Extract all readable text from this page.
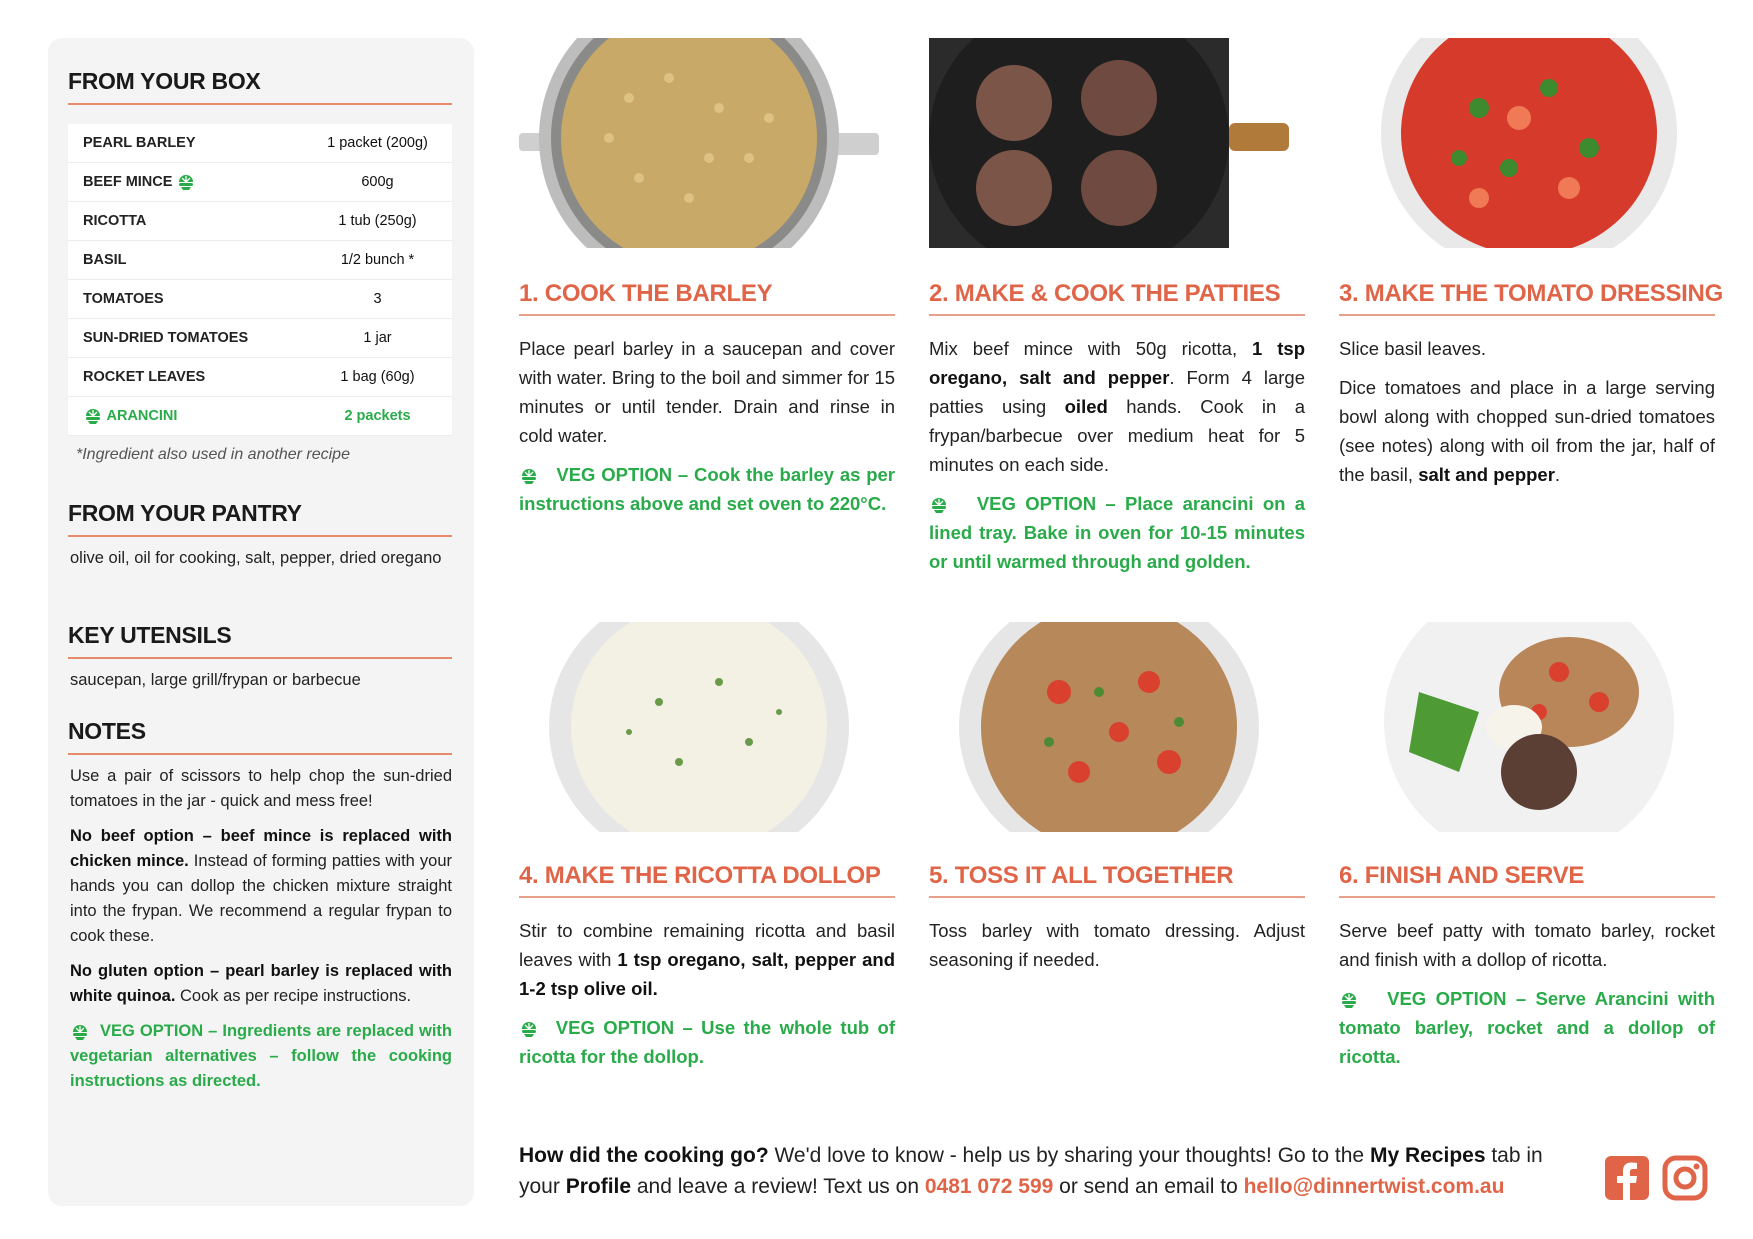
FROM YOUR BOX
PEARL BARLEY	1 packet (200g)
BEEF MINCE	600g
RICOTTA	1 tub (250g)
BASIL	1/2 bunch *
TOMATOES	3
SUN-DRIED TOMATOES	1 jar
ROCKET LEAVES	1 bag (60g)

ARANCINI	2 packets
*Ingredient also used in another recipe
FROM YOUR PANTRY
olive oil, oil for cooking, salt, pepper, dried oregano
KEY UTENSILS
saucepan, large grill/frypan or barbecue
NOTES

Use a pair of scissors to help chop the sun-dried tomatoes in the jar - quick and mess free!

No beef option – beef mince is replaced with chicken mince. Instead of forming patties with your hands you can dollop the chicken mixture straight into the frypan. We recommend a regular frypan to cook these.

No gluten option – pearl barley is replaced with white quinoa. Cook as per recipe instructions.

VEG OPTION – Ingredients are replaced with vegetarian alternatives – follow the cooking instructions as directed.

1. COOK THE BARLEY

Place pearl barley in a saucepan and cover with water. Bring to the boil and simmer for 15 minutes or until tender. Drain and rinse in cold water.

VEG OPTION – Cook the barley as per instructions above and set oven to 220°C.

2. MAKE & COOK THE PATTIES

Mix beef mince with 50g ricotta, 1 tsp oregano, salt and pepper. Form 4 large patties using oiled hands. Cook in a frypan/barbecue over medium heat for 5 minutes on each side.

VEG OPTION – Place arancini on a lined tray. Bake in oven for 10-15 minutes or until warmed through and golden.

3. MAKE THE TOMATO DRESSING

Slice basil leaves.

Dice tomatoes and place in a large serving bowl along with chopped sun-dried tomatoes (see notes) along with oil from the jar, half of the basil, salt and pepper.

4. MAKE THE RICOTTA DOLLOP

Stir to combine remaining ricotta and basil leaves with 1 tsp oregano, salt, pepper and 1-2 tsp olive oil.

VEG OPTION – Use the whole tub of ricotta for the dollop.

5. TOSS IT ALL TOGETHER

Toss barley with tomato dressing. Adjust seasoning if needed.

6. FINISH AND SERVE

Serve beef patty with tomato barley, rocket and finish with a dollop of ricotta.

VEG OPTION – Serve Arancini with tomato barley, rocket and a dollop of ricotta.

How did the cooking go? We'd love to know - help us by sharing your thoughts! Go to the My Recipes tab in your Profile and leave a review! Text us on 0481 072 599 or send an email to hello@dinnertwist.com.au
